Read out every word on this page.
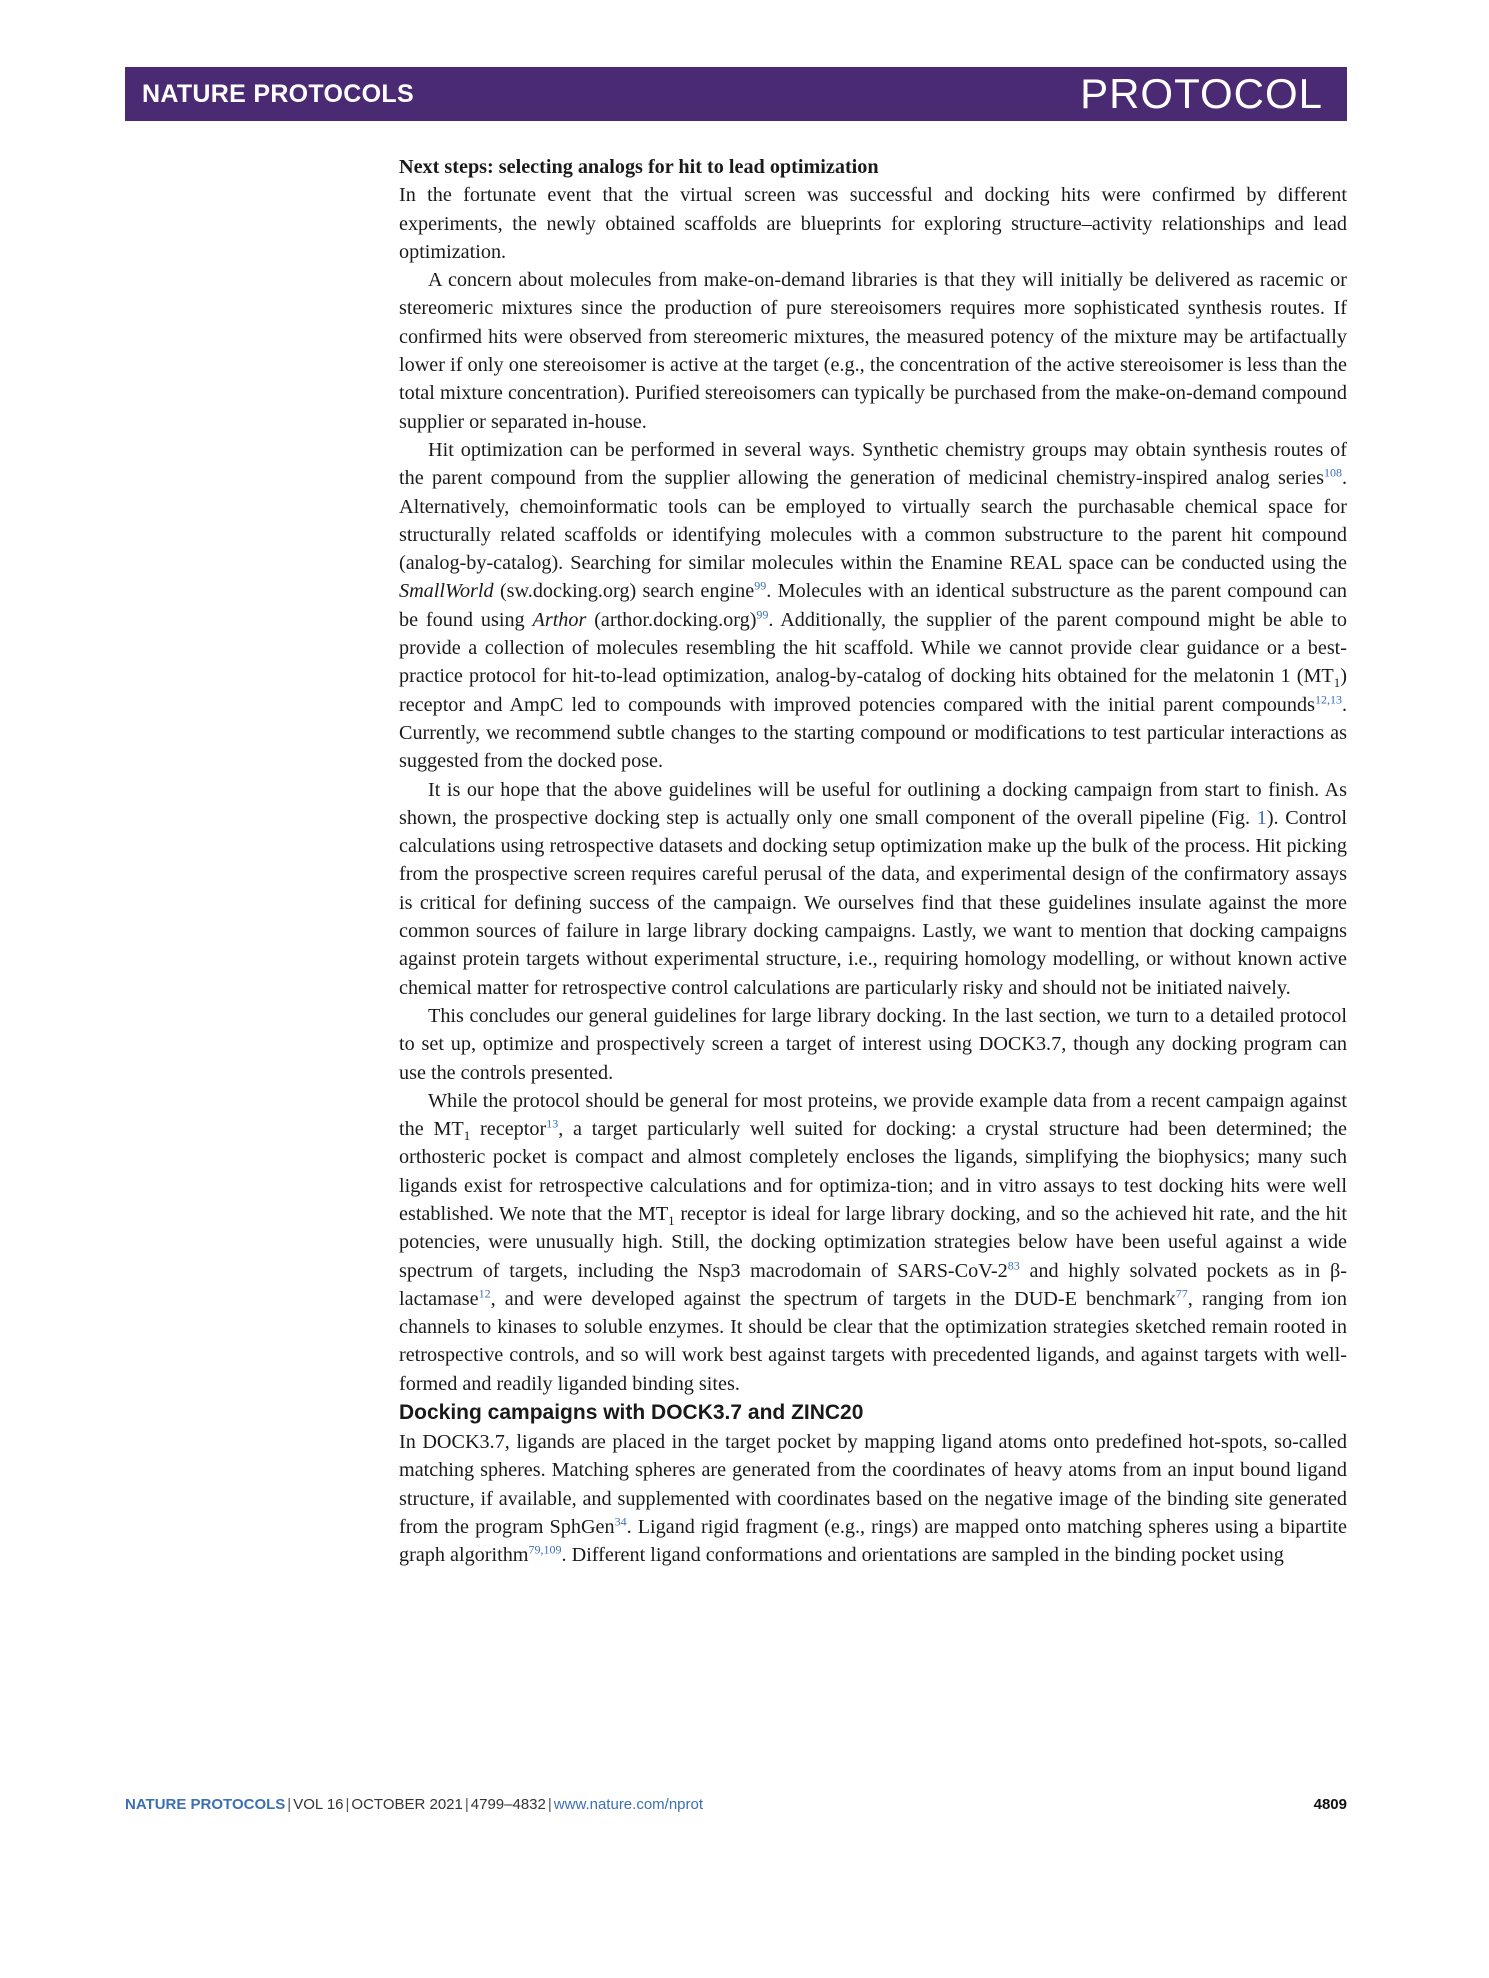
NATURE PROTOCOLS	PROTOCOL

Next steps: selecting analogs for hit to lead optimization

In the fortunate event that the virtual screen was successful and docking hits were confirmed by different experiments, the newly obtained scaffolds are blueprints for exploring structure–activity relationships and lead optimization.

A concern about molecules from make-on-demand libraries is that they will initially be delivered as racemic or stereomeric mixtures since the production of pure stereoisomers requires more sophisticated synthesis routes. If confirmed hits were observed from stereomeric mixtures, the measured potency of the mixture may be artifactually lower if only one stereoisomer is active at the target (e.g., the concentration of the active stereoisomer is less than the total mixture concentration). Purified stereoisomers can typically be purchased from the make-on-demand compound supplier or separated in-house.

Hit optimization can be performed in several ways. Synthetic chemistry groups may obtain synthesis routes of the parent compound from the supplier allowing the generation of medicinal chemistry-inspired analog series$^{108}$. Alternatively, chemoinformatic tools can be employed to virtually search the purchasable chemical space for structurally related scaffolds or identifying molecules with a common substructure to the parent hit compound (analog-by-catalog). Searching for similar molecules within the Enamine REAL space can be conducted using the SmallWorld (sw.docking.org) search engine$^{99}$. Molecules with an identical substructure as the parent compound can be found using Arthor (arthor.docking.org)$^{99}$. Additionally, the supplier of the parent compound might be able to provide a collection of molecules resembling the hit scaffold. While we cannot provide clear guidance or a best-practice protocol for hit-to-lead optimization, analog-by-catalog of docking hits obtained for the melatonin 1 $(MT_1)$ receptor and AmpC led to compounds with improved potencies compared with the initial parent compounds$^{12,13}$. Currently, we recommend subtle changes to the starting compound or modifications to test particular interactions as suggested from the docked pose.

It is our hope that the above guidelines will be useful for outlining a docking campaign from start to finish. As shown, the prospective docking step is actually only one small component of the overall pipeline (Fig. 1). Control calculations using retrospective datasets and docking setup optimization make up the bulk of the process. Hit picking from the prospective screen requires careful perusal of the data, and experimental design of the confirmatory assays is critical for defining success of the campaign. We ourselves find that these guidelines insulate against the more common sources of failure in large library docking campaigns. Lastly, we want to mention that docking campaigns against protein targets without experimental structure, i.e., requiring homology modelling, or without known active chemical matter for retrospective control calculations are particularly risky and should not be initiated naively.

This concludes our general guidelines for large library docking. In the last section, we turn to a detailed protocol to set up, optimize and prospectively screen a target of interest using DOCK3.7, though any docking program can use the controls presented.

While the protocol should be general for most proteins, we provide example data from a recent campaign against the $MT_1$ receptor$^{13}$, a target particularly well suited for docking: a crystal structure had been determined; the orthosteric pocket is compact and almost completely encloses the ligands, simplifying the biophysics; many such ligands exist for retrospective calculations and for optimiza-tion; and in vitro assays to test docking hits were well established. We note that the $MT_1$ receptor is ideal for large library docking, and so the achieved hit rate, and the hit potencies, were unusually high. Still, the docking optimization strategies below have been useful against a wide spectrum of targets, including the Nsp3 macrodomain of SARS-CoV-2$^{83}$ and highly solvated pockets as in β-lactamase$^{12}$, and were developed against the spectrum of targets in the DUD-E benchmark$^{77}$, ranging from ion channels to kinases to soluble enzymes. It should be clear that the optimization strategies sketched remain rooted in retrospective controls, and so will work best against targets with precedented ligands, and against targets with well-formed and readily liganded binding sites.

Docking campaigns with DOCK3.7 and ZINC20

In DOCK3.7, ligands are placed in the target pocket by mapping ligand atoms onto predefined hot-spots, so-called matching spheres. Matching spheres are generated from the coordinates of heavy atoms from an input bound ligand structure, if available, and supplemented with coordinates based on the negative image of the binding site generated from the program SphGen$^{34}$. Ligand rigid fragment (e.g., rings) are mapped onto matching spheres using a bipartite graph algorithm$^{79,109}$. Different ligand conformations and orientations are sampled in the binding pocket using

NATURE PROTOCOLS | VOL 16 | OCTOBER 2021 | 4799–4832 | www.nature.com/nprot	4809
